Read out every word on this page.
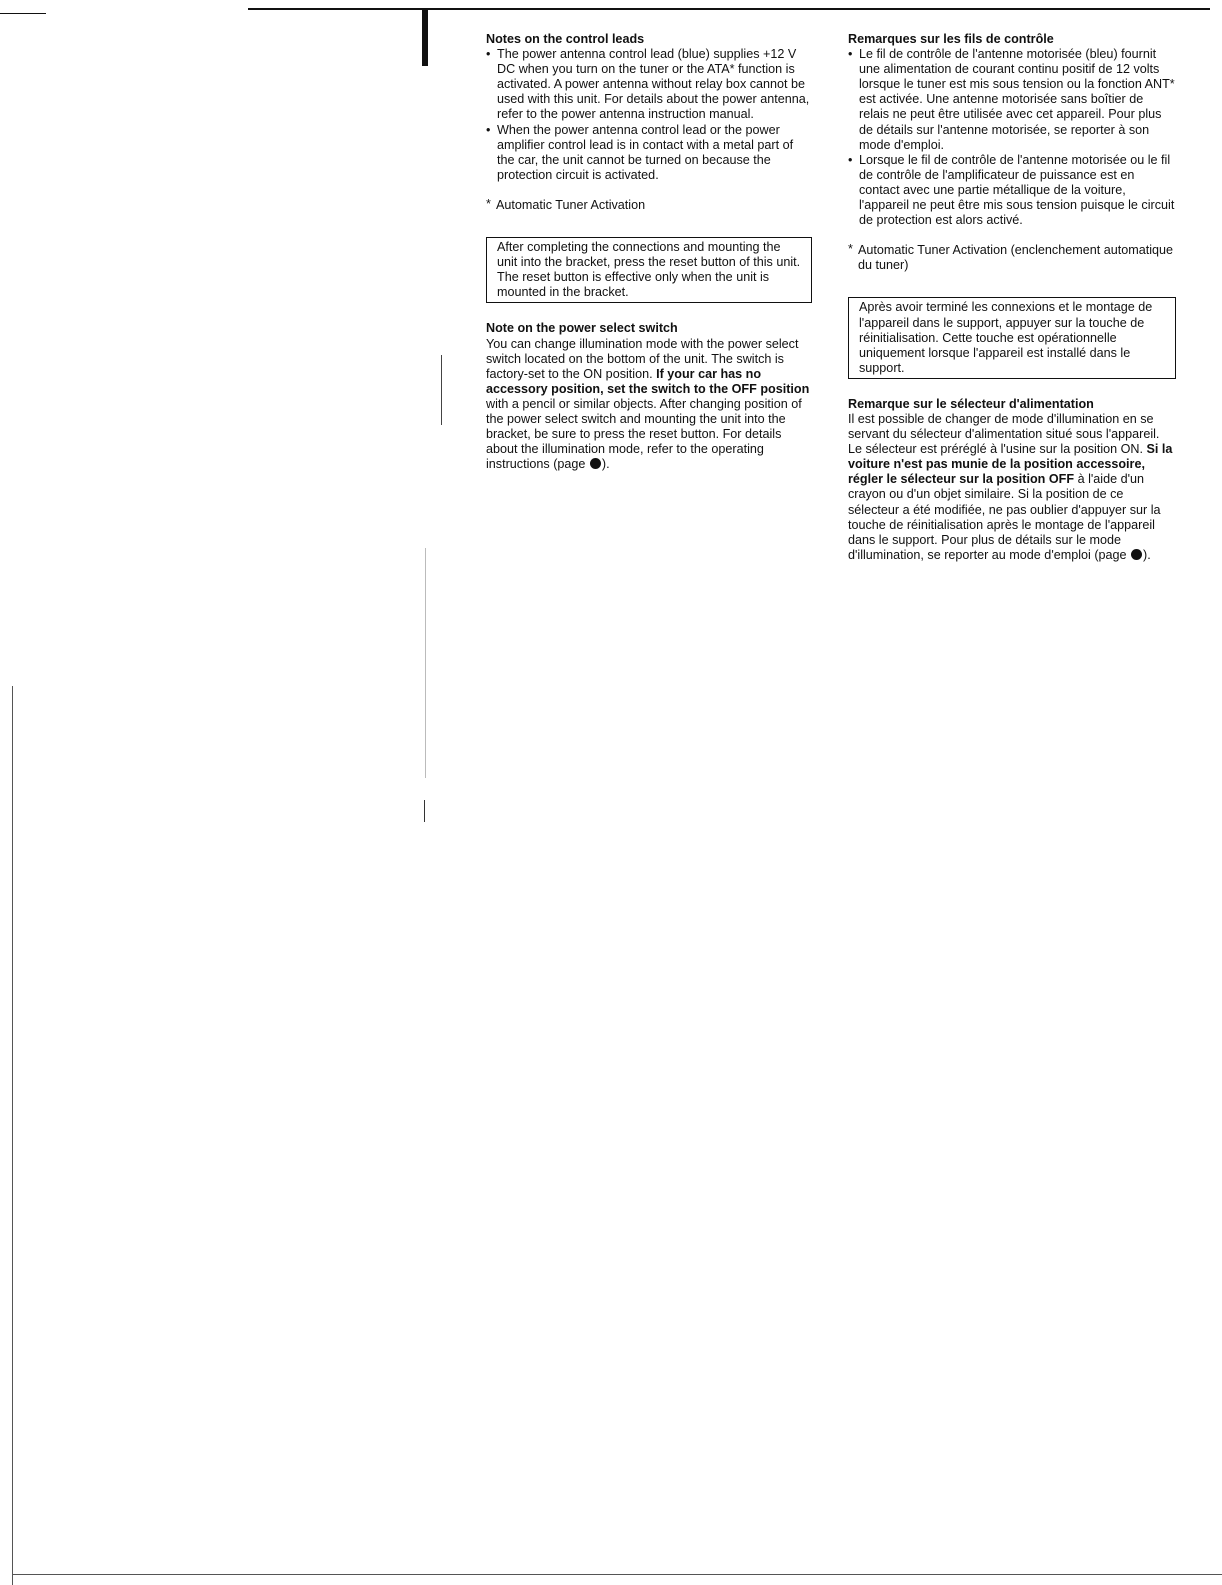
Notes on the control leads

• The power antenna control lead (blue) supplies +12 V DC when you turn on the tuner or the ATA* function is activated. A power antenna without relay box cannot be used with this unit. For details about the power antenna, refer to the power antenna instruction manual.
• When the power antenna control lead or the power amplifier control lead is in contact with a metal part of the car, the unit cannot be turned on because the protection circuit is activated.

* Automatic Tuner Activation

After completing the connections and mounting the unit into the bracket, press the reset button of this unit. The reset button is effective only when the unit is mounted in the bracket.

Note on the power select switch

You can change illumination mode with the power select switch located on the bottom of the unit. The switch is factory-set to the ON position. If your car has no accessory position, set the switch to the OFF position with a pencil or similar objects. After changing position of the power select switch and mounting the unit into the bracket, be sure to press the reset button. For details about the illumination mode, refer to the operating instructions (page ).

Remarques sur les fils de contrôle

• Le fil de contrôle de l'antenne motorisée (bleu) fournit une alimentation de courant continu positif de 12 volts lorsque le tuner est mis sous tension ou la fonction ANT* est activée. Une antenne motorisée sans boîtier de relais ne peut être utilisée avec cet appareil. Pour plus de détails sur l'antenne motorisée, se reporter à son mode d'emploi.
• Lorsque le fil de contrôle de l'antenne motorisée ou le fil de contrôle de l'amplificateur de puissance est en contact avec une partie métallique de la voiture, l'appareil ne peut être mis sous tension puisque le circuit de protection est alors activé.

* Automatic Tuner Activation (enclenchement automatique du tuner)

Après avoir terminé les connexions et le montage de l'appareil dans le support, appuyer sur la touche de réinitialisation. Cette touche est opérationnelle uniquement lorsque l'appareil est installé dans le support.

Remarque sur le sélecteur d'alimentation

Il est possible de changer de mode d'illumination en se servant du sélecteur d'alimentation situé sous l'appareil. Le sélecteur est préréglé à l'usine sur la position ON. Si la voiture n'est pas munie de la position accessoire, régler le sélecteur sur la position OFF à l'aide d'un crayon ou d'un objet similaire. Si la position de ce sélecteur a été modifiée, ne pas oublier d'appuyer sur la touche de réinitialisation après le montage de l'appareil dans le support. Pour plus de détails sur le mode d'illumination, se reporter au mode d'emploi (page ).
